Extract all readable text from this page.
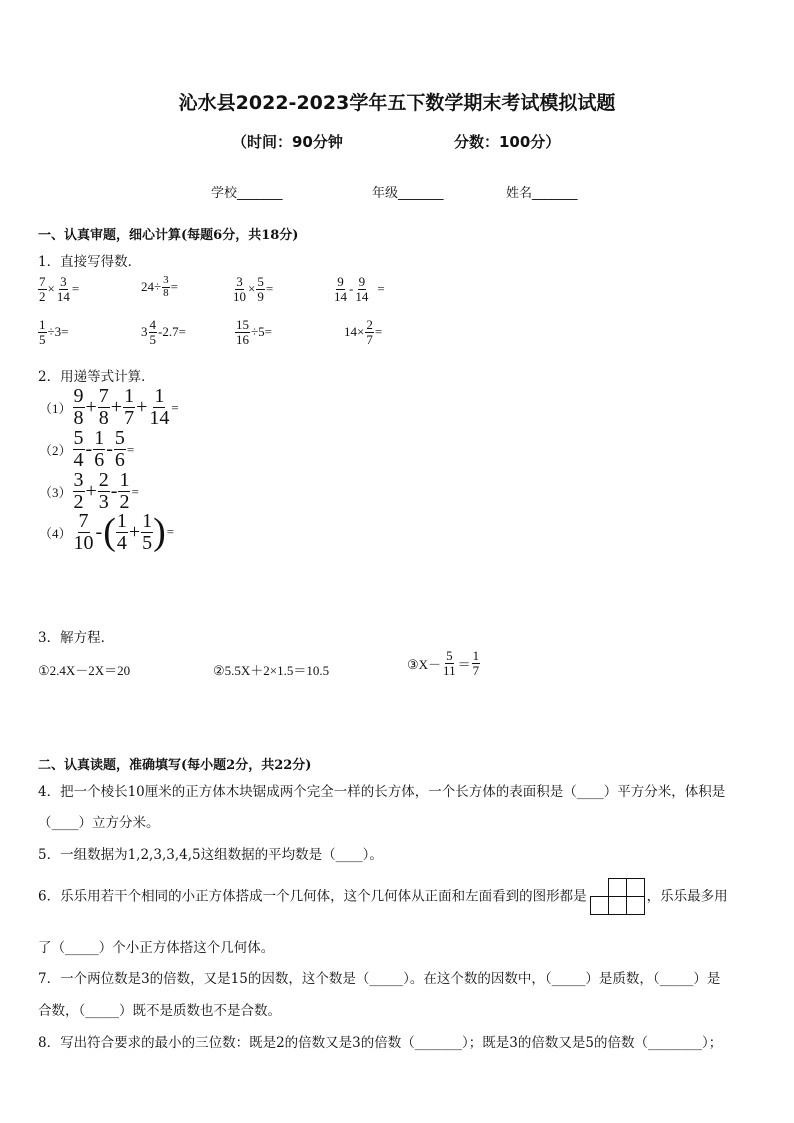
沁水县2022-2023学年五下数学期末考试模拟试题
（时间：90分钟	分数：100分）
学校_______	年级_______	姓名_______
一、认真审题，细心计算(每题6分，共18分)
1．直接写得数．
$\frac{7}{2} \times \frac{3}{14}$ =	$24\div \frac{3}{8}$ =	$\frac{3}{10} \times \frac{5}{9}$ =	$\frac{9}{14} - \frac{9}{14}$ =
$\frac{1}{5} \div 3=$	$3 \frac{4}{5} -2.7=$	$\frac{15}{16} \div 5=$	$14\times \frac{2}{7}$ =
2．用递等式计算．
$(1) \frac{9}{8} + \frac{7}{8} + \frac{1}{7} + \frac{1}{14}$ =
$(2) \frac{5}{4} - \frac{1}{6} - \frac{5}{6}$ =
$(3) \frac{3}{2} + \frac{2}{3} - \frac{1}{2}$ =
$(4) \frac{7}{10}$ -( $\frac{1}{4} + \frac{1}{5}$ )=
3．解方程．
①2.4X－2X＝20	②5.5X＋2×1.5＝10.5	③X－ $\frac{5}{11} = \frac{1}{7}$
二、认真读题，准确填写(每小题2分，共22分)
4．把一个棱长10厘米的正方体木块锯成两个完全一样的长方体，一个长方体的表面积是（____）平方分米，体积是
（____）立方分米。
5．一组数据为1,2,3,3,4,5这组数据的平均数是（____）。
6．乐乐用若干个相同的小正方体搭成一个几何体，这个几何体从正面和左面看到的图形都是	，乐乐最多用
了（_____）个小正方体搭这个几何体。
7．一个两位数是3的倍数，又是15的因数，这个数是（_____）。在这个数的因数中，（_____）是质数，（_____）是
合数，（_____）既不是质数也不是合数。
8．写出符合要求的最小的三位数：既是2的倍数又是3的倍数（_______）；既是3的倍数又是5的倍数（________）；
